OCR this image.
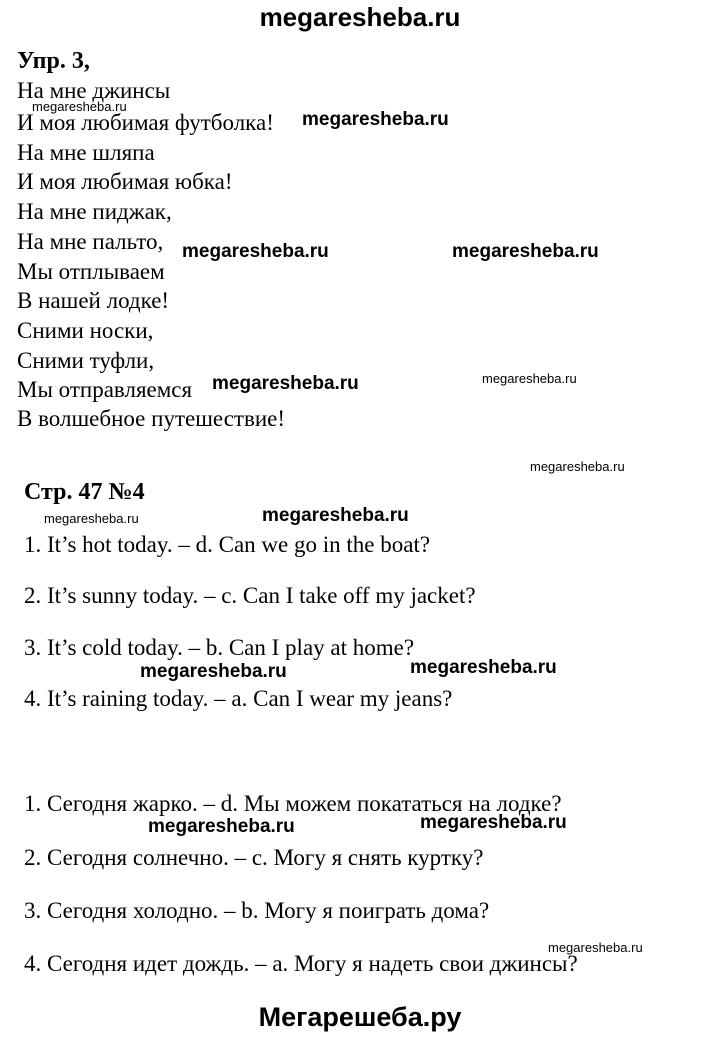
megaresheba.ru
Упр. 3,
На мне джинсы
И моя любимая футболка!
На мне шляпа
И моя любимая юбка!
На мне пиджак,
На мне пальто,
Мы отплываем
В нашей лодке!
Сними носки,
Сними туфли,
Мы отправляемся
В волшебное путешествие!
Стр. 47 №4
1. It’s hot today. – d. Can we go in the boat?
2. It’s sunny today. – c. Can I take off my jacket?
3. It’s cold today. – b. Can I play at home?
4. It’s raining today. – a. Can I wear my jeans?
1. Сегодня жарко. – d. Мы можем покататься на лодке?
2. Сегодня солнечно. – с. Могу я снять куртку?
3. Сегодня холодно. – b. Могу я поиграть дома?
4. Сегодня идет дождь. – а. Могу я надеть свои джинсы?
megaresheba.ru
megaresheba.ru
megaresheba.ru	megaresheba.ru
megaresheba.ru	megaresheba.ru
megaresheba.ru
megaresheba.ru	megaresheba.ru
megaresheba.ru	megaresheba.ru
megaresheba.ru	megaresheba.ru
megaresheba.ru
Мегарешеба.ру
